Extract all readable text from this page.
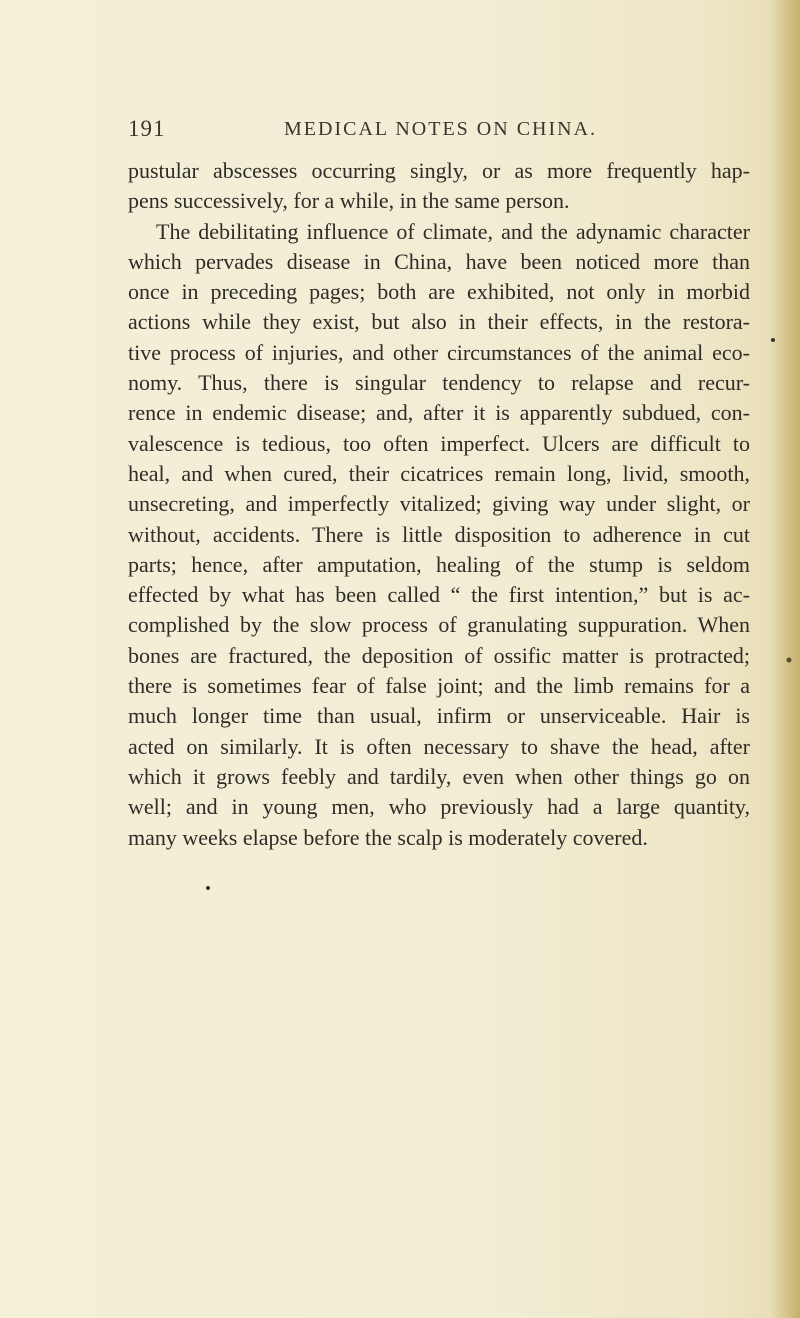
191	MEDICAL NOTES ON CHINA.
pustular abscesses occurring singly, or as more frequently hap-
pens successively, for a while, in the same person.
The debilitating influence of climate, and the adynamic character
which pervades disease in China, have been noticed more than
once in preceding pages; both are exhibited, not only in morbid
actions while they exist, but also in their effects, in the restora-
tive process of injuries, and other circumstances of the animal eco-
nomy. Thus, there is singular tendency to relapse and recur-
rence in endemic disease; and, after it is apparently subdued, con-
valescence is tedious, too often imperfect. Ulcers are difficult to
heal, and when cured, their cicatrices remain long, livid, smooth,
unsecreting, and imperfectly vitalized; giving way under slight, or
without, accidents. There is little disposition to adherence in cut
parts; hence, after amputation, healing of the stump is seldom
effected by what has been called “ the first intention,” but is ac-
complished by the slow process of granulating suppuration. When
bones are fractured, the deposition of ossific matter is protracted;
there is sometimes fear of false joint; and the limb remains for a
much longer time than usual, infirm or unserviceable. Hair is
acted on similarly. It is often necessary to shave the head, after
which it grows feebly and tardily, even when other things go on
well; and in young men, who previously had a large quantity,
many weeks elapse before the scalp is moderately covered.
